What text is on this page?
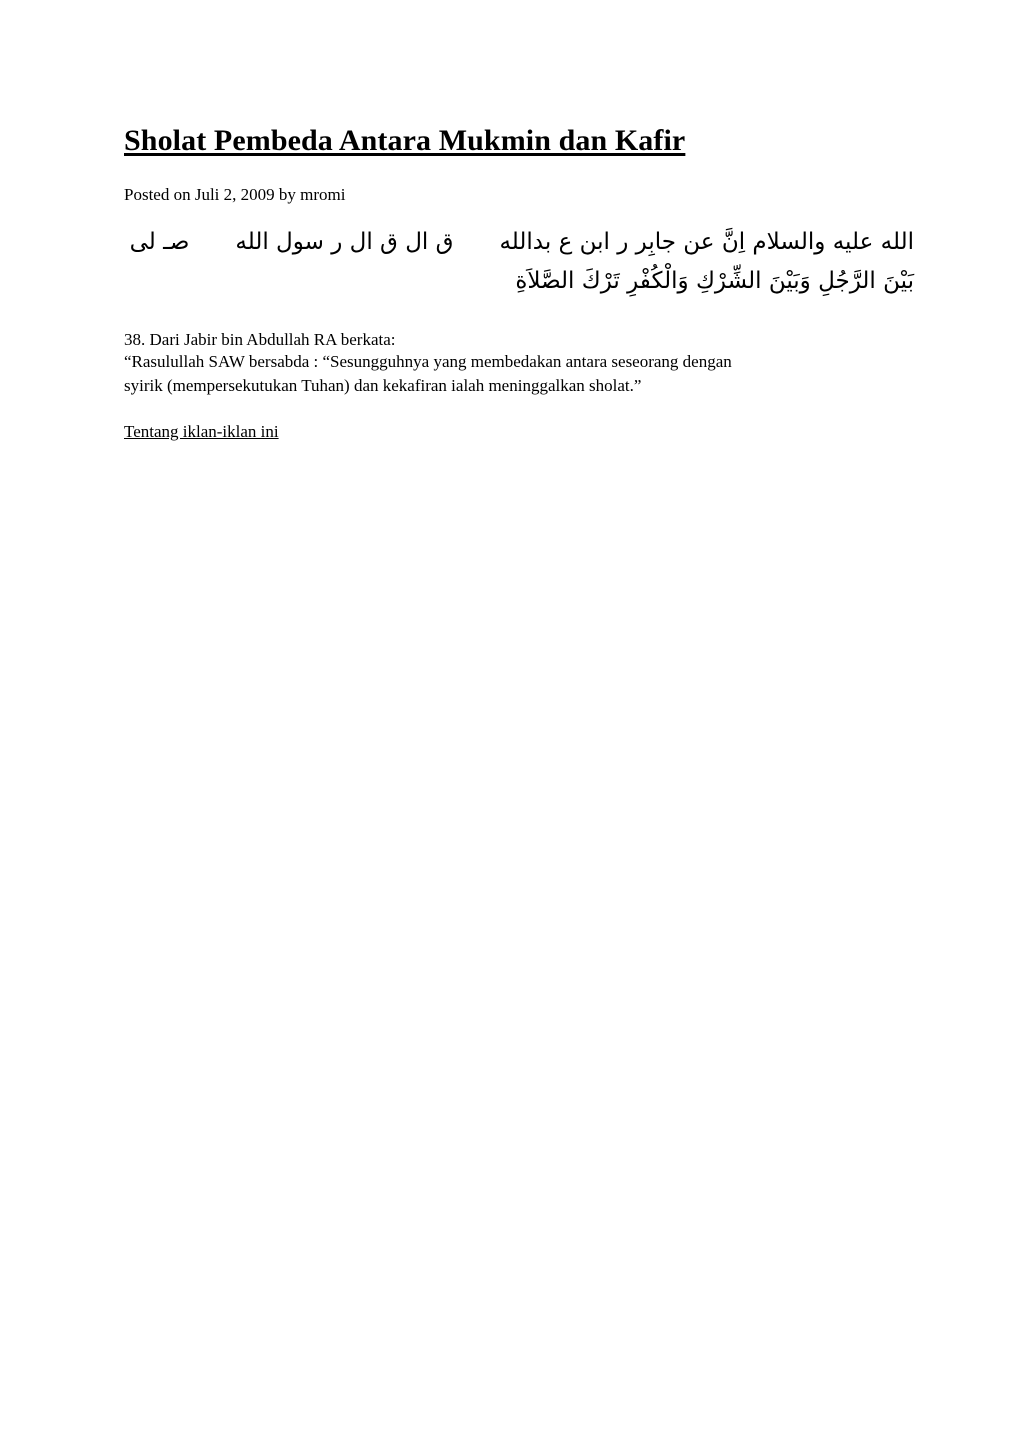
Sholat Pembeda Antara Mukmin dan Kafir
Posted on Juli 2, 2009 by mromi
الله عليه والسلام اِنَّ عن جابِر ر ابن ع بداللهق ال ق ال ر سول اللهصـ لى
بَيْنَ الرَّجُلِ وَبَيْنَ الشِّرْكِ وَالْكُفْرِ تَرْكَ الصَّلاَةِ
38. Dari Jabir bin Abdullah RA berkata:
“Rasulullah SAW bersabda : “Sesungguhnya yang membedakan antara seseorang dengan
syirik (mempersekutukan Tuhan) dan kekafiran ialah meninggalkan sholat.”
Tentang iklan-iklan ini
